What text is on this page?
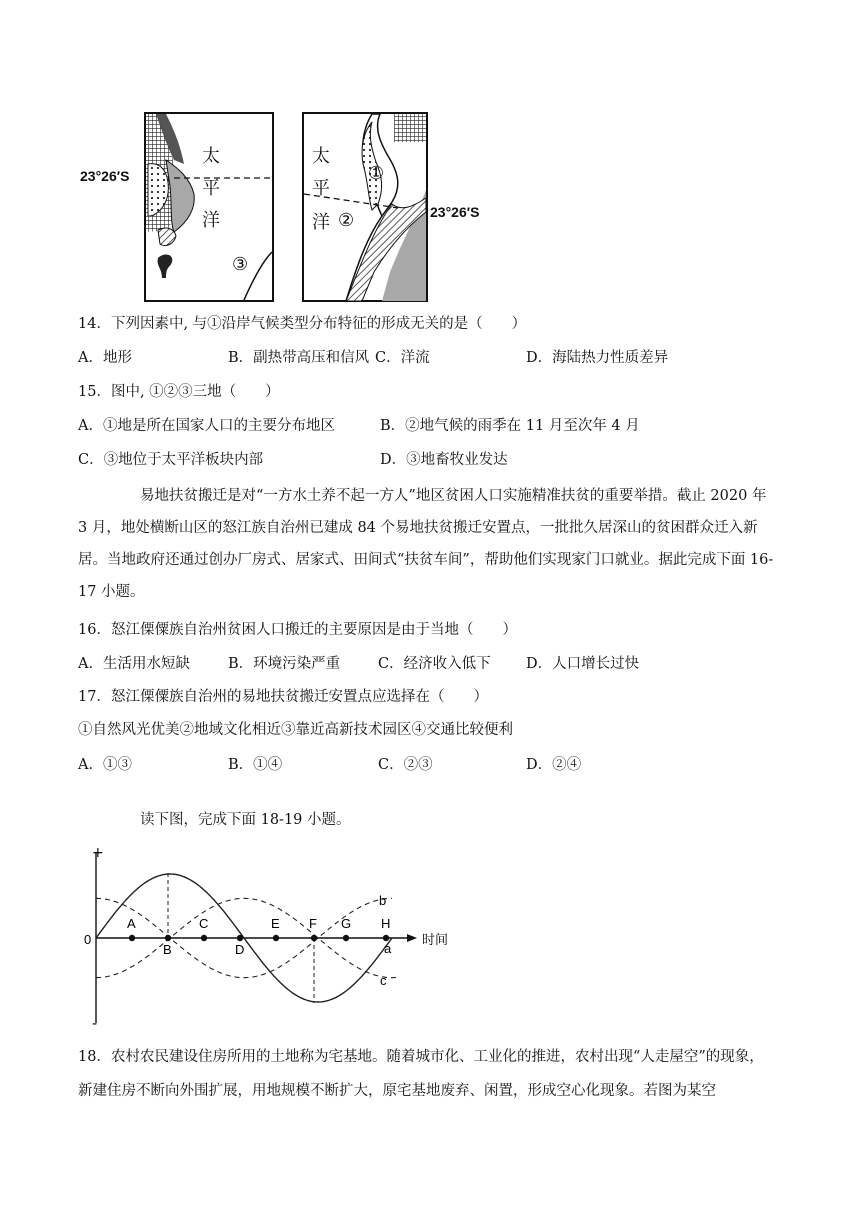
23°26′S
太
平
洋
③
太
平
洋
①
②	23°26′S
14．下列因素中, 与①沿岸气候类型分布特征的形成无关的是（　　）
A．地形	B．副热带高压和信风 C．洋流	D．海陆热力性质差异
15．图中, ①②③三地（　　）
A．①地是所在国家人口的主要分布地区	B．②地气候的雨季在 11 月至次年 4 月
C．③地位于太平洋板块内部	D．③地畜牧业发达
易地扶贫搬迁是对“一方水土养不起一方人”地区贫困人口实施精准扶贫的重要举措。截止 2020 年 3 月，地处横断山区的怒江族自治州已建成 84 个易地扶贫搬迁安置点，一批批久居深山的贫困群众迁入新居。当地政府还通过创办厂房式、居家式、田间式“扶贫车间”，帮助他们实现家门口就业。据此完成下面 16-17 小题。
16．怒江傈僳族自治州贫困人口搬迁的主要原因是由于当地（　　）
A．生活用水短缺	B．环境污染严重	C．经济收入低下 D．人口增长过快
17．怒江傈僳族自治州的易地扶贫搬迁安置点应选择在（　　）
①自然风光优美②地域文化相近③靠近高新技术园区④交通比较便利
A．①③	B．①④	C．②③	D．②④
读下图，完成下面 18-19 小题。
A
B
C
D
E F G H
+
-
0	时间
b
a
c
18．农村农民建设住房所用的土地称为宅基地。随着城市化、工业化的推进，农村出现“人走屋空”的现象，新建住房不断向外围扩展，用地规模不断扩大，原宅基地废弃、闲置，形成空心化现象。若图为某空
